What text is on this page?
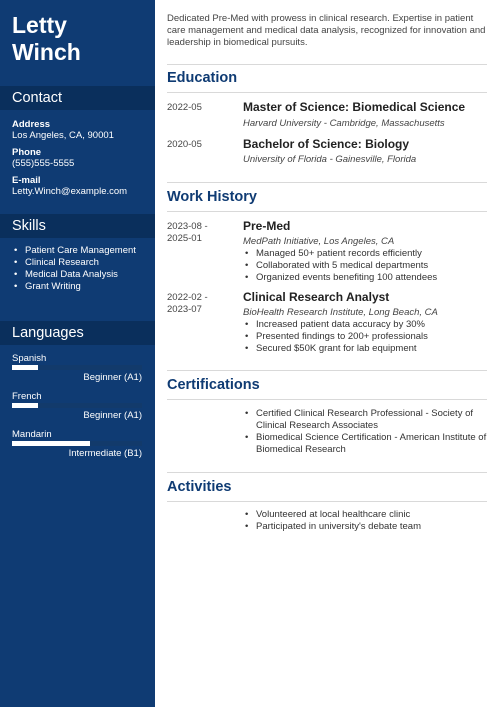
Letty
Winch
Contact
Address
Los Angeles, CA, 90001
Phone
(555)555-5555
E-mail
Letty.Winch@example.com
Skills
• Patient Care Management
• Clinical Research
• Medical Data Analysis
• Grant Writing
Languages
Spanish
Beginner (A1)
French
Beginner (A1)
Mandarin
Intermediate (B1)
Dedicated Pre-Med with prowess in clinical research. Expertise in patient care management and medical data analysis, recognized for innovation and leadership in biomedical pursuits.
Education
2022-05	Master of Science: Biomedical Science
Harvard University - Cambridge, Massachusetts
2020-05	Bachelor of Science: Biology
University of Florida - Gainesville, Florida
Work History
2023-08 -
2025-01
Pre-Med
MedPath Initiative, Los Angeles, CA
• Managed 50+ patient records efficiently
• Collaborated with 5 medical departments
• Organized events benefiting 100 attendees
2022-02 -
2023-07
Clinical Research Analyst
BioHealth Research Institute, Long Beach, CA
• Increased patient data accuracy by 30%
• Presented findings to 200+ professionals
• Secured $50K grant for lab equipment
Certifications
• Certified Clinical Research Professional - Society of Clinical Research Associates
• Biomedical Science Certification - American Institute of Biomedical Research
Activities
• Volunteered at local healthcare clinic
• Participated in university's debate team
